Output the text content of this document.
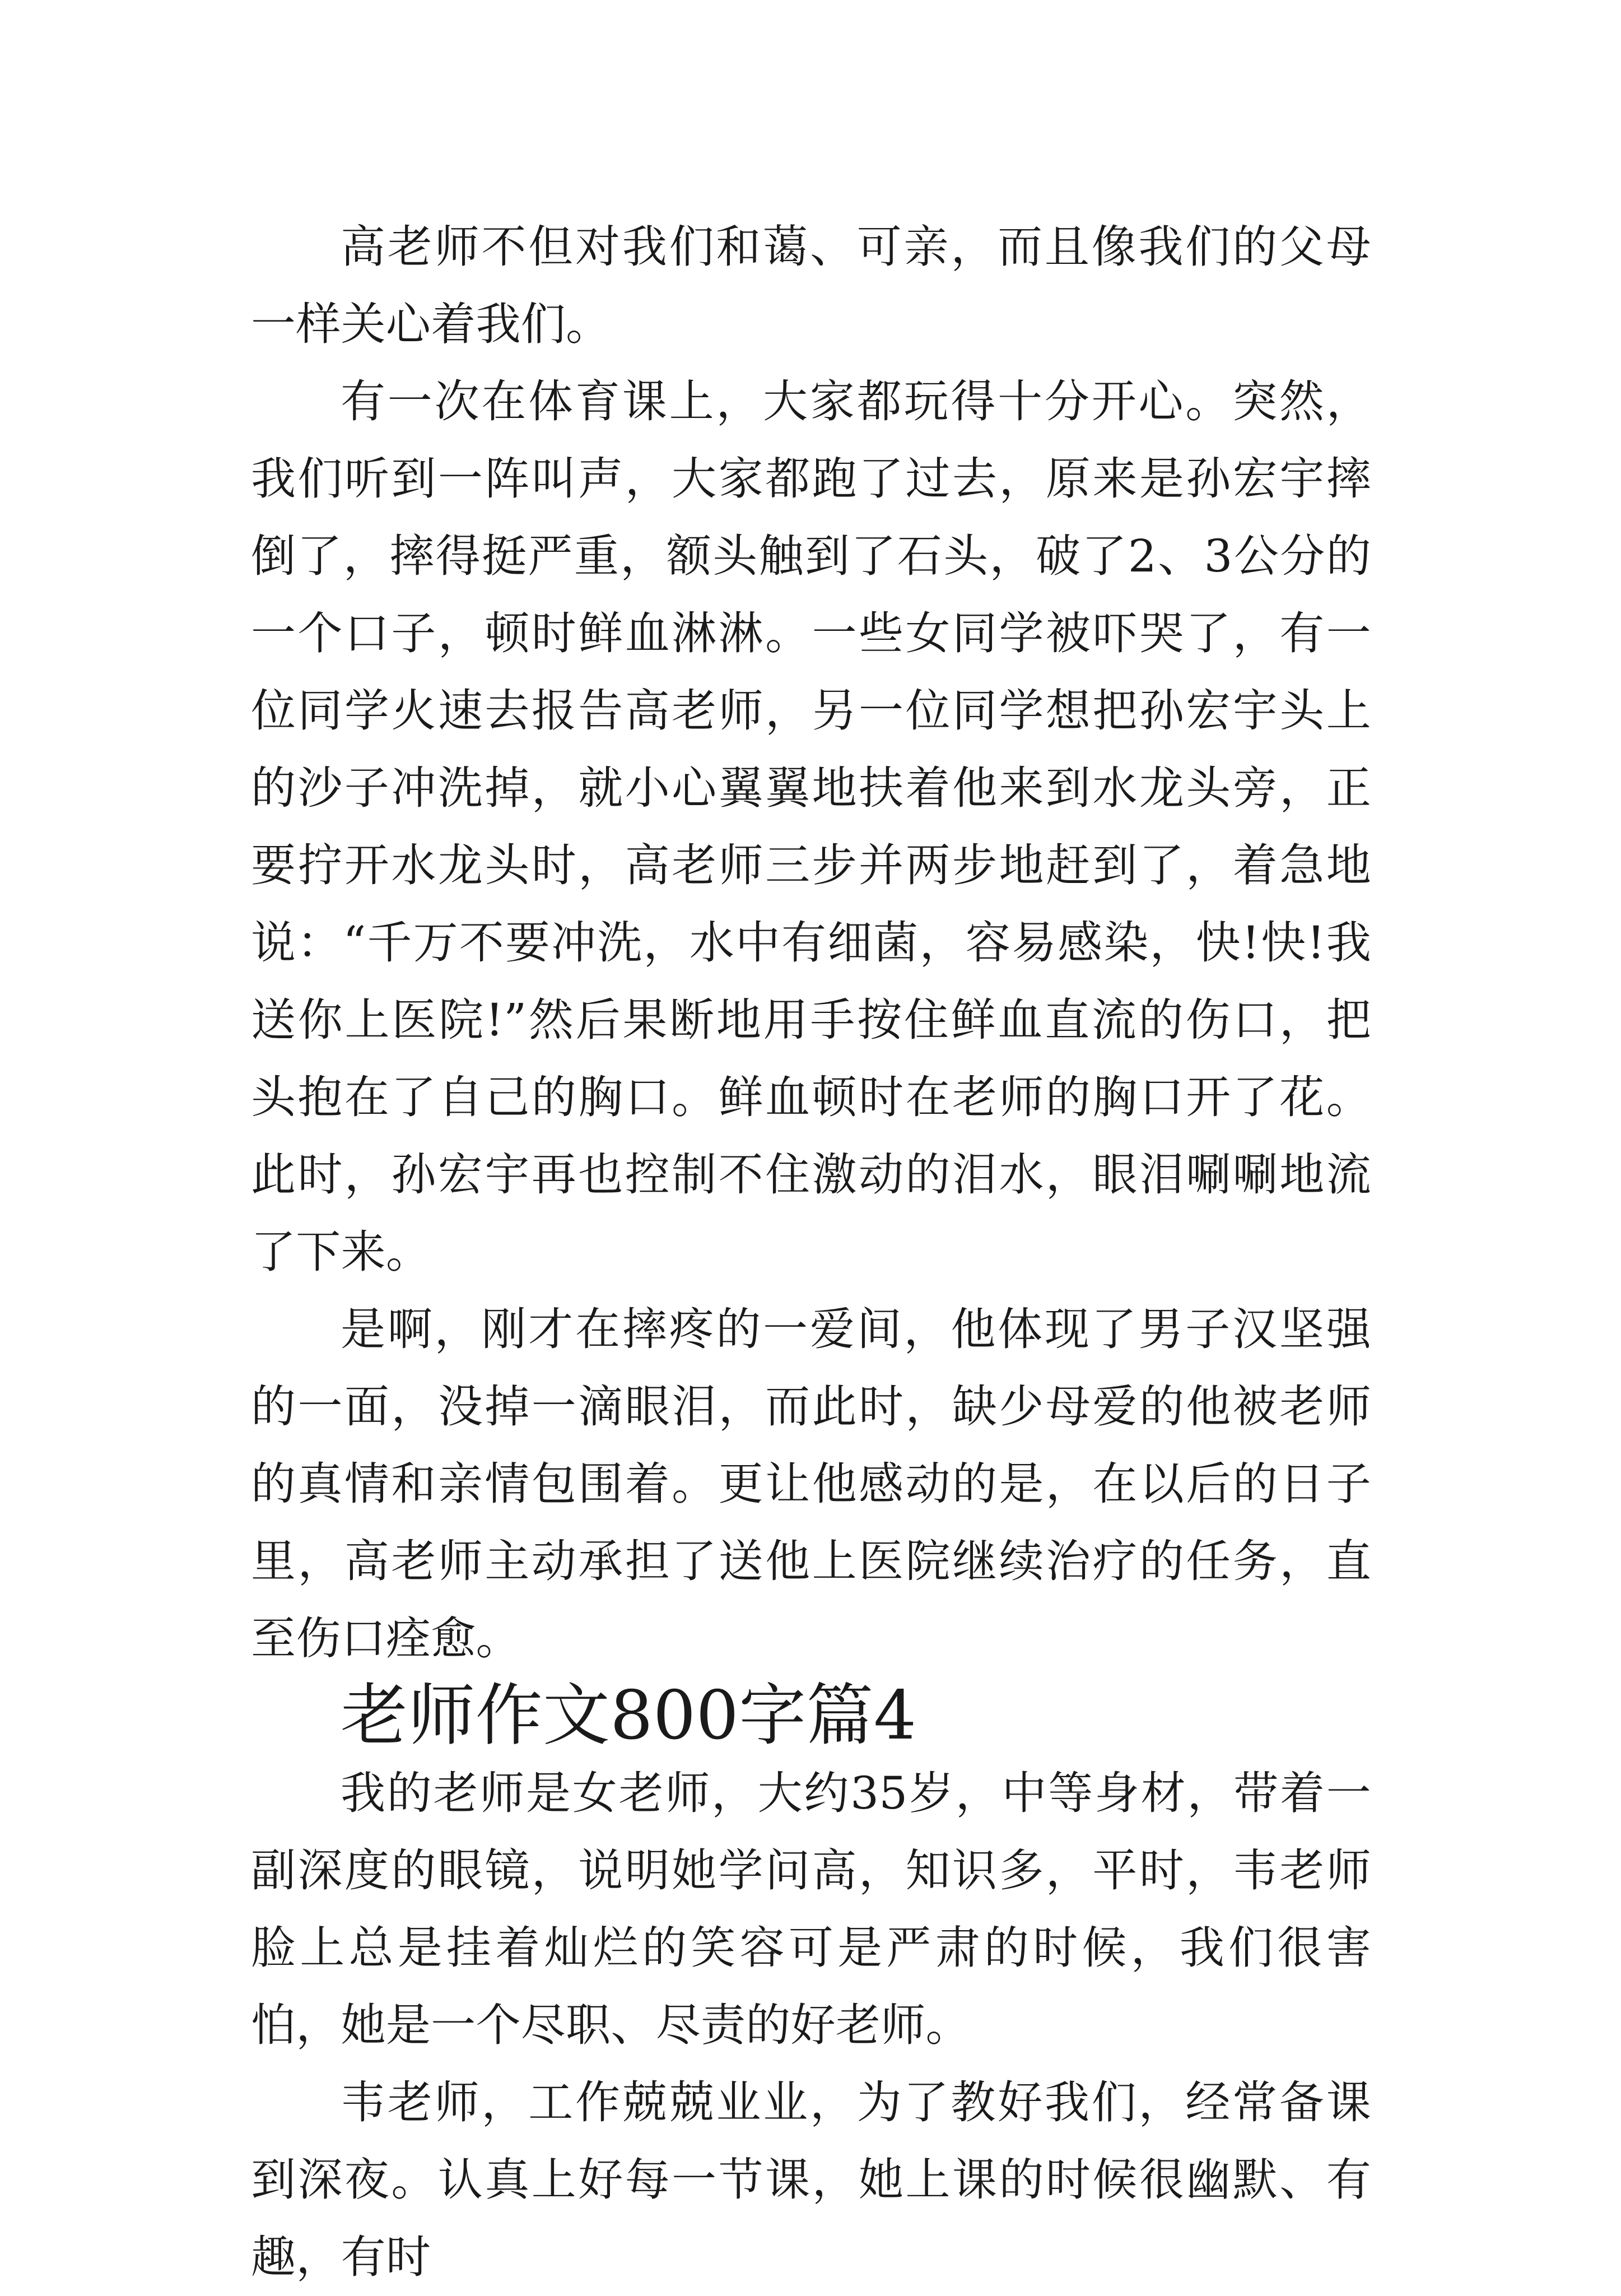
高老师不但对我们和蔼、可亲，而且像我们的父母一样关心着我们。

有一次在体育课上，大家都玩得十分开心。突然，我们听到一阵叫声，大家都跑了过去，原来是孙宏宇摔倒了，摔得挺严重，额头触到了石头，破了2、3公分的一个口子，顿时鲜血淋淋。一些女同学被吓哭了，有一位同学火速去报告高老师，另一位同学想把孙宏宇头上的沙子冲洗掉，就小心翼翼地扶着他来到水龙头旁，正要拧开水龙头时，高老师三步并两步地赶到了，着急地说：“千万不要冲洗，水中有细菌，容易感染，快!快!我送你上医院!”然后果断地用手按住鲜血直流的伤口，把头抱在了自己的胸口。鲜血顿时在老师的胸口开了花。此时，孙宏宇再也控制不住激动的泪水，眼泪唰唰地流了下来。

是啊，刚才在摔疼的一爱间，他体现了男子汉坚强的一面，没掉一滴眼泪，而此时，缺少母爱的他被老师的真情和亲情包围着。更让他感动的是，在以后的日子里，高老师主动承担了送他上医院继续治疗的任务，直至伤口痊愈。

老师作文800字篇4

我的老师是女老师，大约35岁，中等身材，带着一副深度的眼镜，说明她学问高，知识多，平时，韦老师脸上总是挂着灿烂的笑容可是严肃的时候，我们很害怕，她是一个尽职、尽责的好老师。

韦老师，工作兢兢业业，为了教好我们，经常备课到深夜。认真上好每一节课，她上课的时候很幽默、有趣，有时
